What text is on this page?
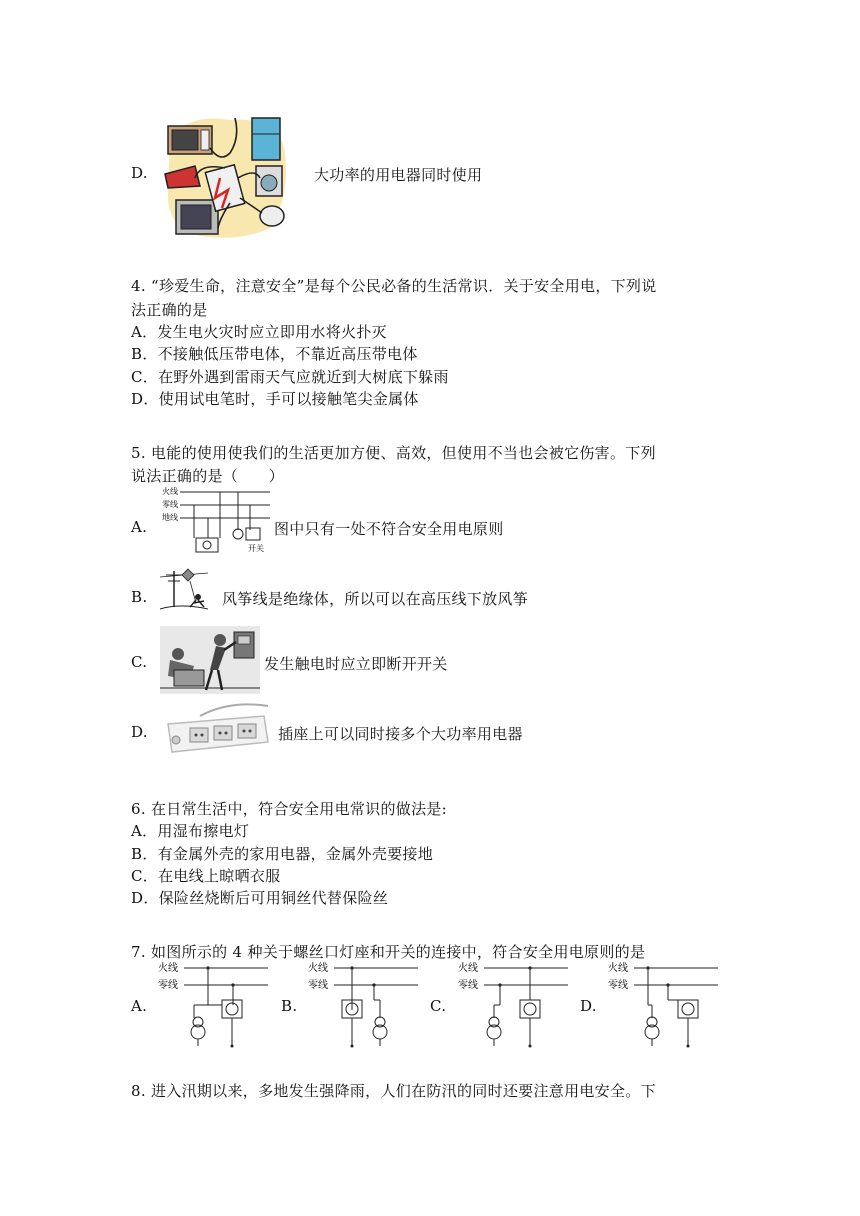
D.	大功率的用电器同时使用
4. “珍爱生命，注意安全”是每个公民必备的生活常识．关于安全用电，下列说
法正确的是
A．发生电火灾时应立即用水将火扑灭
B．不接触低压带电体，不靠近高压带电体
C．在野外遇到雷雨天气应就近到大树底下躲雨
D．使用试电笔时，手可以接触笔尖金属体
5. 电能的使用使我们的生活更加方便、高效，但使用不当也会被它伤害。下列
说法正确的是（　　）
A.
火线
零线
地线
开关
图中只有一处不符合安全用电原则
B.	风筝线是绝缘体，所以可以在高压线下放风筝
C.	发生触电时应立即断开开关
D.	插座上可以同时接多个大功率用电器
6. 在日常生活中，符合安全用电常识的做法是:
A．用湿布擦电灯
B．有金属外壳的家用电器，金属外壳要接地
C．在电线上晾晒衣服
D．保险丝烧断后可用铜丝代替保险丝
7. 如图所示的 4 种关于螺丝口灯座和开关的连接中，符合安全用电原则的是
A.
火线
零线
B.
火线
零线
C.
火线
零线
D.
火线
零线
8. 进入汛期以来，多地发生强降雨，人们在防汛的同时还要注意用电安全。下
